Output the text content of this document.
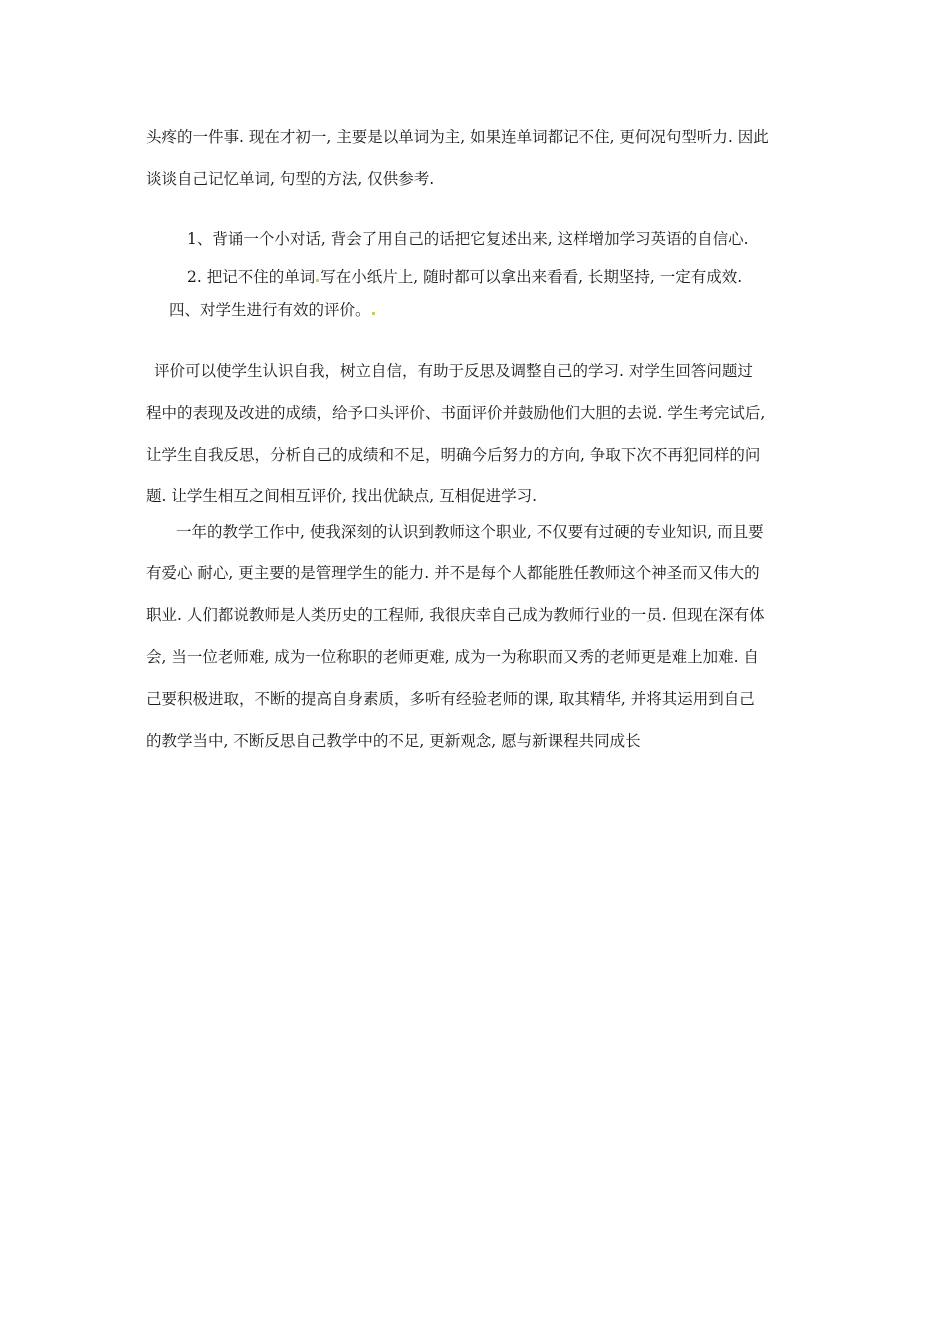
头疼的一件事. 现在才初一, 主要是以单词为主, 如果连单词都记不住, 更何况句型听力. 因此
谈谈自己记忆单词, 句型的方法, 仅供参考.
1、背诵一个小对话, 背会了用自己的话把它复述出来, 这样增加学习英语的自信心.
2. 把记不住的单词 写在小纸片上, 随时都可以拿出来看看, 长期坚持, 一定有成效.
四、对学生进行有效的评价。
评价可以使学生认识自我，树立自信，有助于反思及调整自己的学习. 对学生回答问题过
程中的表现及改进的成绩，给予口头评价、书面评价并鼓励他们大胆的去说. 学生考完试后,
让学生自我反思，分析自己的成绩和不足，明确今后努力的方向, 争取下次不再犯同样的问
题. 让学生相互之间相互评价, 找出优缺点, 互相促进学习.
一年的教学工作中, 使我深刻的认识到教师这个职业, 不仅要有过硬的专业知识, 而且要
有爱心 耐心, 更主要的是管理学生的能力. 并不是每个人都能胜任教师这个神圣而又伟大的
职业. 人们都说教师是人类历史的工程师, 我很庆幸自己成为教师行业的一员. 但现在深有体
会, 当一位老师难, 成为一位称职的老师更难, 成为一为称职而又秀的老师更是难上加难. 自
己要积极进取，不断的提高自身素质，多听有经验老师的课, 取其精华, 并将其运用到自己
的教学当中, 不断反思自己教学中的不足, 更新观念, 愿与新课程共同成长
